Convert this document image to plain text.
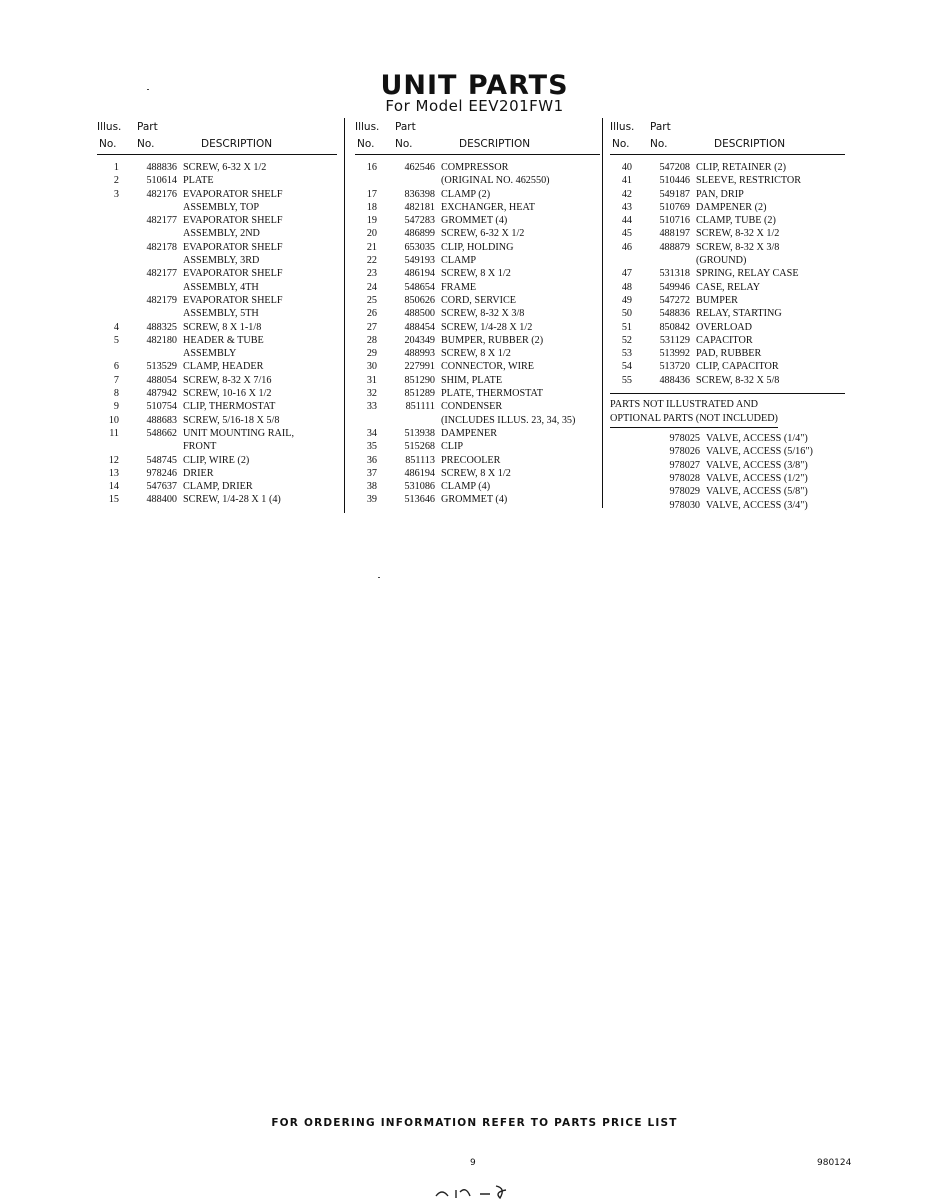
UNIT PARTS
For Model EEV201FW1
Illus. Part
No. No.	DESCRIPTION
1	488836 SCREW, 6-32 X 1/2
2	510614 PLATE
3	482176 EVAPORATOR SHELF
ASSEMBLY, TOP
482177 EVAPORATOR SHELF
ASSEMBLY, 2ND
482178 EVAPORATOR SHELF
ASSEMBLY, 3RD
482177 EVAPORATOR SHELF
ASSEMBLY, 4TH
482179 EVAPORATOR SHELF
ASSEMBLY, 5TH
4	488325 SCREW, 8 X 1-1/8
5	482180 HEADER & TUBE
ASSEMBLY
6	513529 CLAMP, HEADER
7	488054 SCREW, 8-32 X 7/16
8	487942 SCREW, 10-16 X 1/2
9	510754 CLIP, THERMOSTAT
10	488683 SCREW, 5/16-18 X 5/8
11	548662 UNIT MOUNTING RAIL,
FRONT
12	548745 CLIP, WIRE (2)
13	978246 DRIER
14	547637 CLAMP, DRIER
15	488400 SCREW, 1/4-28 X 1 (4)
Illus. Part
No. No.	DESCRIPTION
16	462546 COMPRESSOR
(ORIGINAL NO. 462550)
17	836398 CLAMP (2)
18	482181 EXCHANGER, HEAT
19	547283 GROMMET (4)
20	486899 SCREW, 6-32 X 1/2
21	653035 CLIP, HOLDING
22	549193 CLAMP
23	486194 SCREW, 8 X 1/2
24	548654 FRAME
25	850626 CORD, SERVICE
26	488500 SCREW, 8-32 X 3/8
27	488454 SCREW, 1/4-28 X 1/2
28	204349 BUMPER, RUBBER (2)
29	488993 SCREW, 8 X 1/2
30	227991 CONNECTOR, WIRE
31	851290 SHIM, PLATE
32	851289 PLATE, THERMOSTAT
33	851111 CONDENSER
(INCLUDES ILLUS. 23, 34, 35)
34	513938 DAMPENER
35	515268 CLIP
36	851113 PRECOOLER
37	486194 SCREW, 8 X 1/2
38	531086 CLAMP (4)
39	513646 GROMMET (4)
Illus. Part
No. No.	DESCRIPTION
40	547208 CLIP, RETAINER (2)
41	510446 SLEEVE, RESTRICTOR
42	549187 PAN, DRIP
43	510769 DAMPENER (2)
44	510716 CLAMP, TUBE (2)
45	488197 SCREW, 8-32 X 1/2
46	488879 SCREW, 8-32 X 3/8
(GROUND)
47	531318 SPRING, RELAY CASE
48	549946 CASE, RELAY
49	547272 BUMPER
50	548836 RELAY, STARTING
51	850842 OVERLOAD
52	531129 CAPACITOR
53	513992 PAD, RUBBER
54	513720 CLIP, CAPACITOR
55	488436 SCREW, 8-32 X 5/8
PARTS NOT ILLUSTRATED AND
OPTIONAL PARTS (NOT INCLUDED)
978025 VALVE, ACCESS (1/4")
978026 VALVE, ACCESS (5/16")
978027 VALVE, ACCESS (3/8")
978028 VALVE, ACCESS (1/2")
978029 VALVE, ACCESS (5/8")
978030 VALVE, ACCESS (3/4")
FOR ORDERING INFORMATION REFER TO PARTS PRICE LIST
9	980124
